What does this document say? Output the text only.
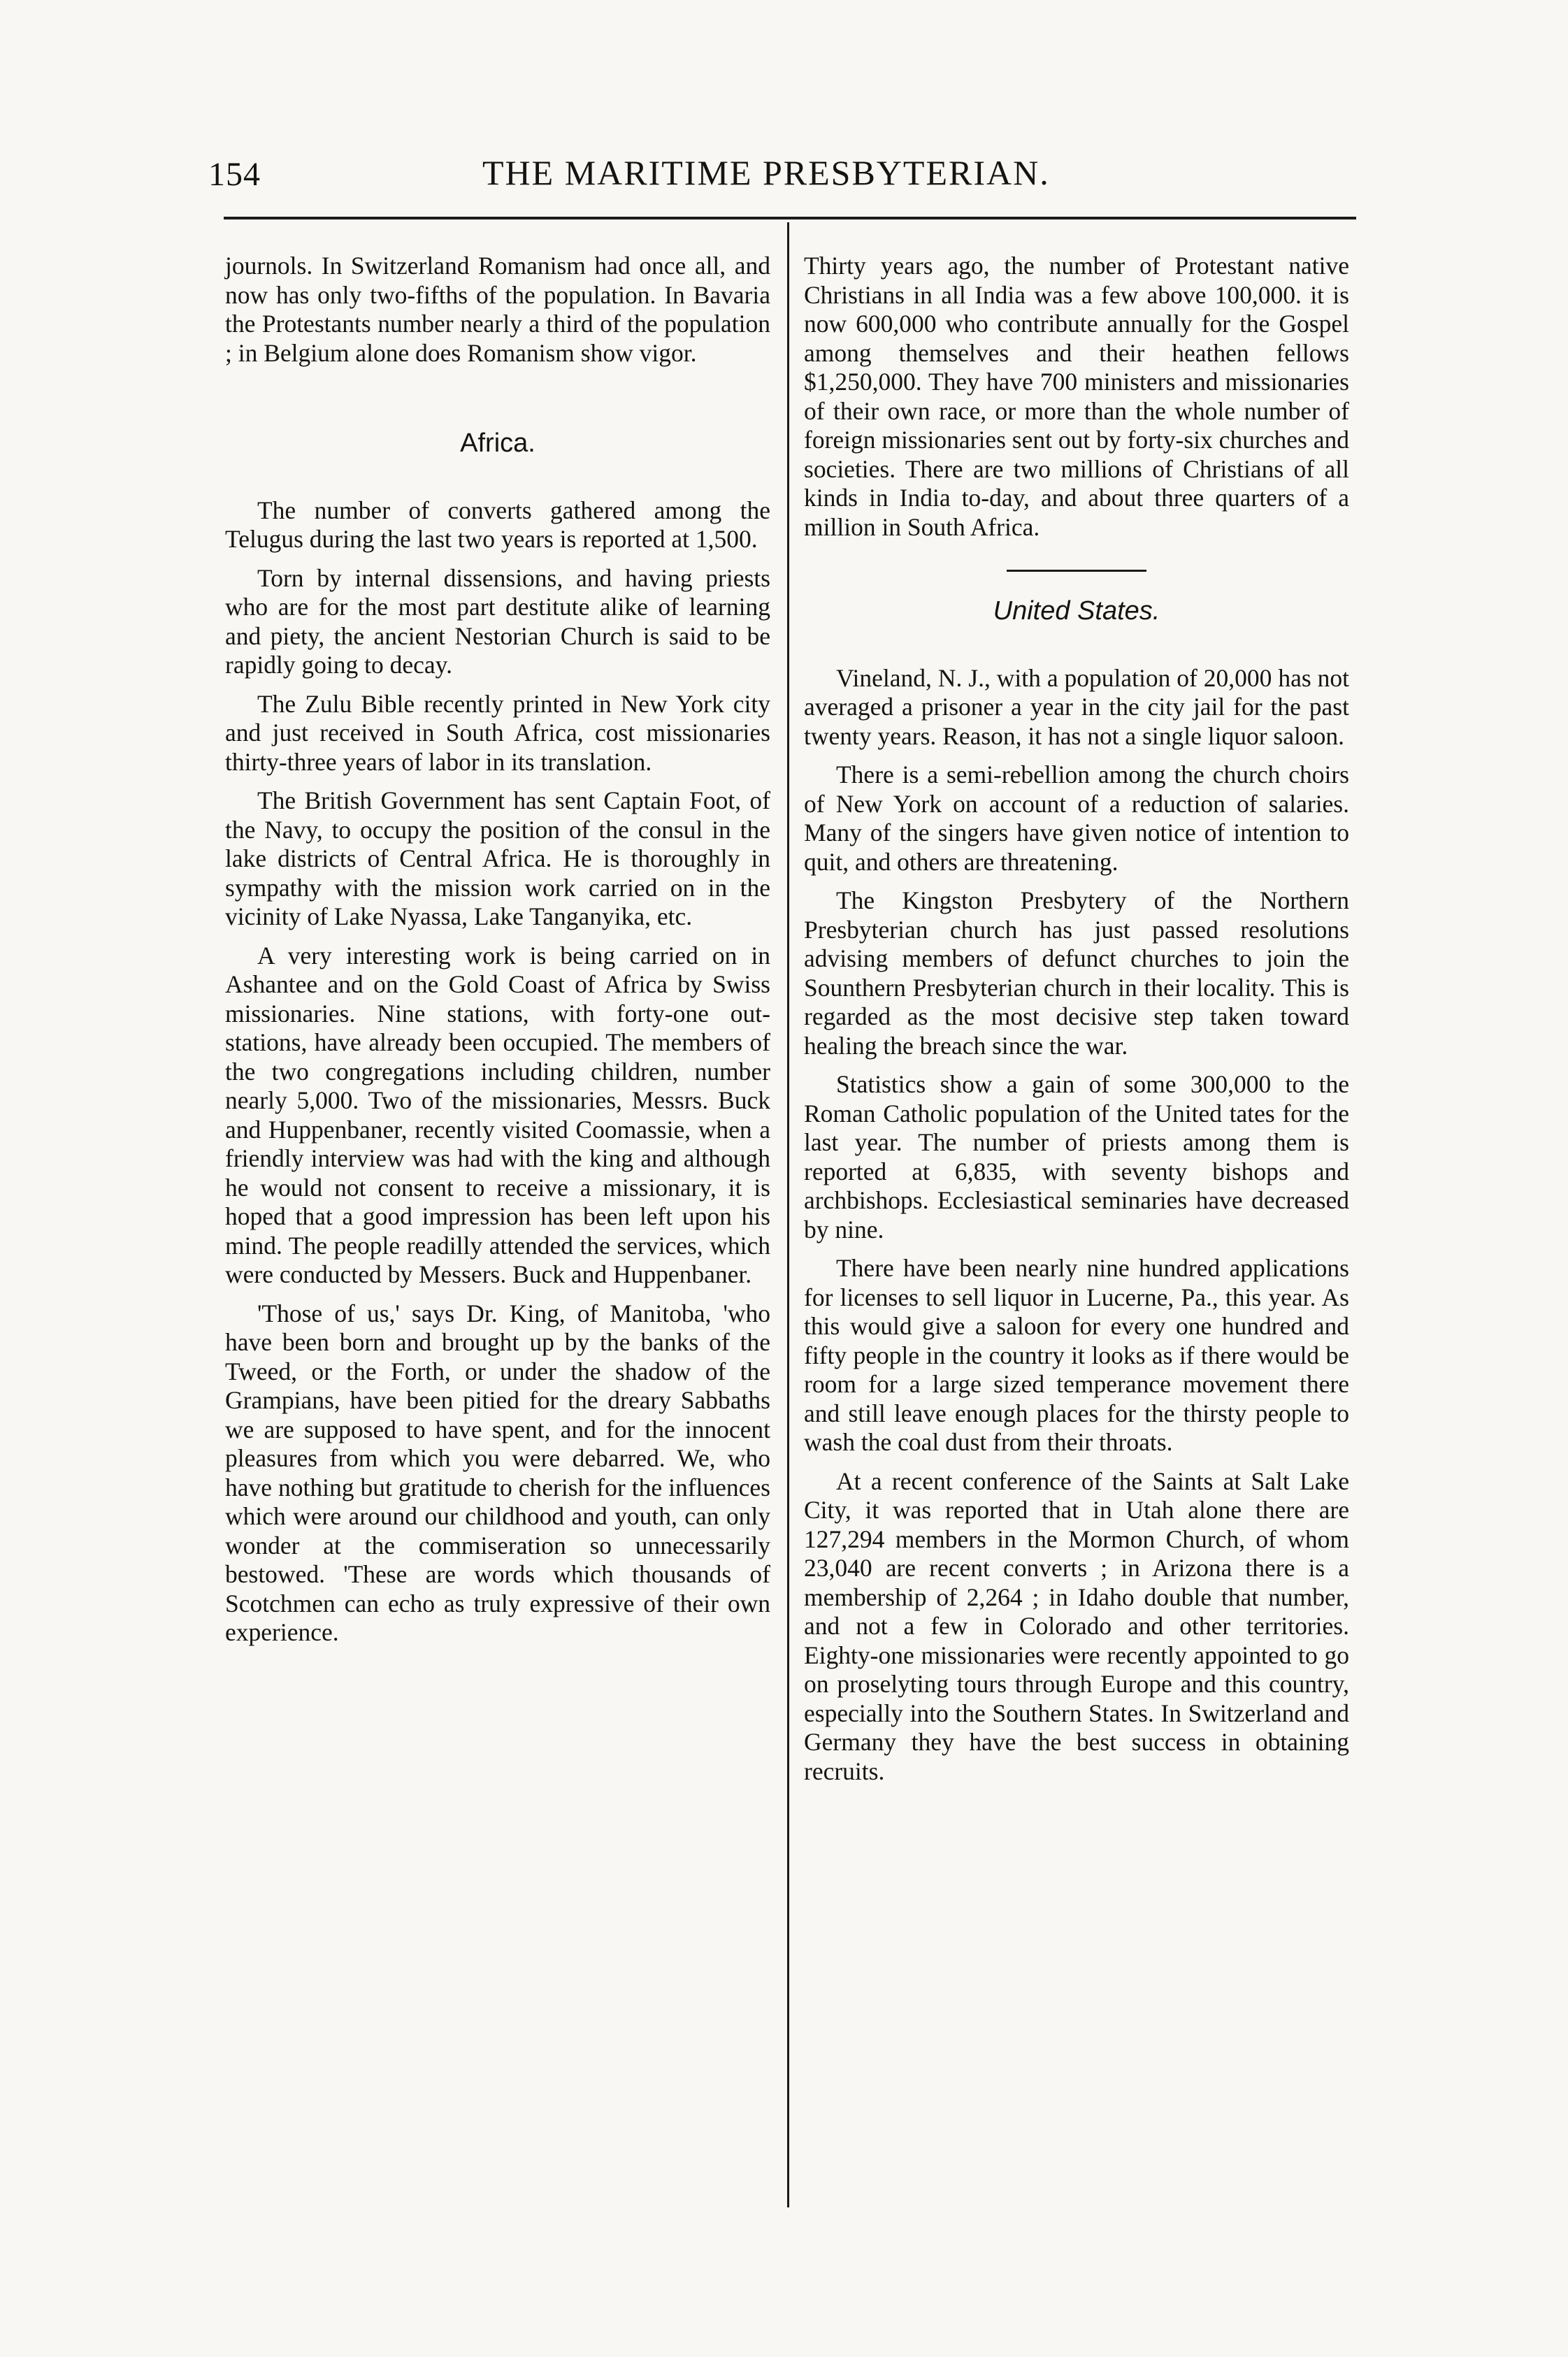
154	THE MARITIME PRESBYTERIAN.

journols. In Switzerland Romanism had once all, and now has only two-fifths of the population. In Bavaria the Protestants number nearly a third of the population ; in Belgium alone does Romanism show vigor.

Africa.

The number of converts gathered among the Telugus during the last two years is reported at 1,500.

Torn by internal dissensions, and having priests who are for the most part destitute alike of learning and piety, the ancient Nestorian Church is said to be rapidly going to decay.

The Zulu Bible recently printed in New York city and just received in South Africa, cost missionaries thirty-three years of labor in its translation.

The British Government has sent Captain Foot, of the Navy, to occupy the position of the consul in the lake districts of Central Africa. He is thoroughly in sympathy with the mission work carried on in the vicinity of Lake Nyassa, Lake Tanganyika, etc.

A very interesting work is being carried on in Ashantee and on the Gold Coast of Africa by Swiss missionaries. Nine stations, with forty-one out-stations, have already been occupied. The members of the two congregations including children, number nearly 5,000. Two of the missionaries, Messrs. Buck and Huppenbaner, recently visited Coomassie, when a friendly interview was had with the king and although he would not consent to receive a missionary, it is hoped that a good impression has been left upon his mind. The people readilly attended the services, which were conducted by Messers. Buck and Huppenbaner.

'Those of us,' says Dr. King, of Manitoba, 'who have been born and brought up by the banks of the Tweed, or the Forth, or under the shadow of the Grampians, have been pitied for the dreary Sabbaths we are supposed to have spent, and for the innocent pleasures from which you were debarred. We, who have nothing but gratitude to cherish for the influences which were around our childhood and youth, can only wonder at the commiseration so unnecessarily bestowed. 'These are words which thousands of Scotchmen can echo as truly expressive of their own experience.

Thirty years ago, the number of Protestant native Christians in all India was a few above 100,000. it is now 600,000 who contribute annually for the Gospel among themselves and their heathen fellows $1,250,000. They have 700 ministers and missionaries of their own race, or more than the whole number of foreign missionaries sent out by forty-six churches and societies. There are two millions of Christians of all kinds in India to-day, and about three quarters of a million in South Africa.

United States.

Vineland, N. J., with a population of 20,000 has not averaged a prisoner a year in the city jail for the past twenty years. Reason, it has not a single liquor saloon.

There is a semi-rebellion among the church choirs of New York on account of a reduction of salaries. Many of the singers have given notice of intention to quit, and others are threatening.

The Kingston Presbytery of the Northern Presbyterian church has just passed resolutions advising members of defunct churches to join the Sounthern Presbyterian church in their locality. This is regarded as the most decisive step taken toward healing the breach since the war.

Statistics show a gain of some 300,000 to the Roman Catholic population of the United tates for the last year. The number of priests among them is reported at 6,835, with seventy bishops and archbishops. Ecclesiastical seminaries have decreased by nine.

There have been nearly nine hundred applications for licenses to sell liquor in Lucerne, Pa., this year. As this would give a saloon for every one hundred and fifty people in the country it looks as if there would be room for a large sized temperance movement there and still leave enough places for the thirsty people to wash the coal dust from their throats.

At a recent conference of the Saints at Salt Lake City, it was reported that in Utah alone there are 127,294 members in the Mormon Church, of whom 23,040 are recent converts ; in Arizona there is a membership of 2,264 ; in Idaho double that number, and not a few in Colorado and other territories. Eighty-one missionaries were recently appointed to go on proselyting tours through Europe and this country, especially into the Southern States. In Switzerland and Germany they have the best success in obtaining recruits.
